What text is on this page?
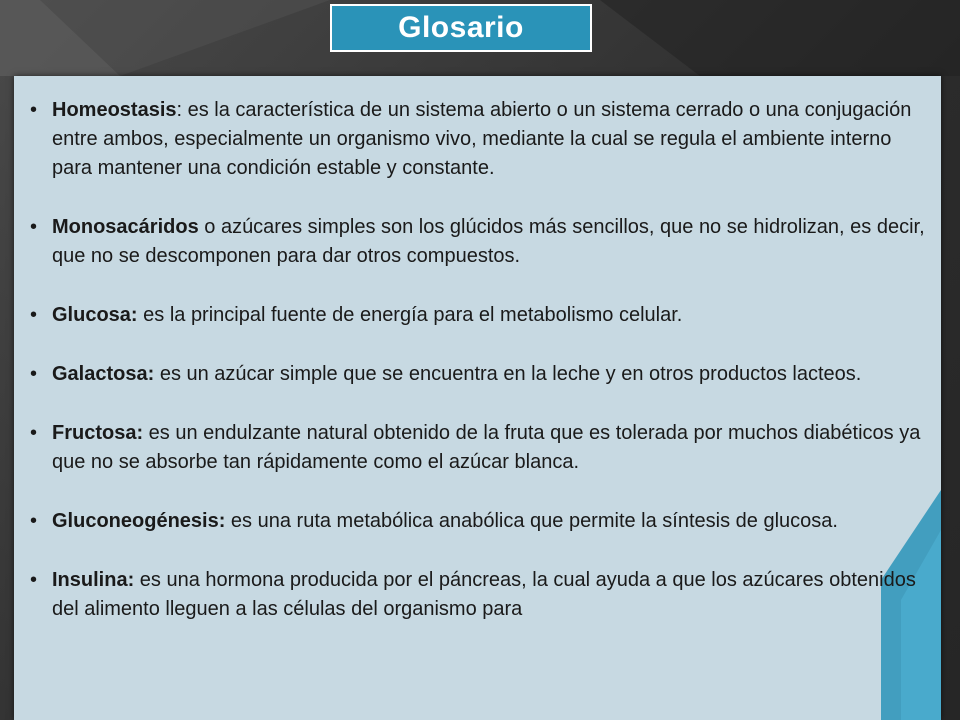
Glosario
• Homeostasis: es la característica de un sistema abierto o un sistema cerrado o una conjugación entre ambos, especialmente un organismo vivo, mediante la cual se regula el ambiente interno para mantener una condición estable y constante.
• Monosacáridos o azúcares simples son los glúcidos más sencillos, que no se hidrolizan, es decir, que no se descomponen para dar otros compuestos.
• Glucosa: es la principal fuente de energía para el metabolismo celular.
• Galactosa: es un azúcar simple que se encuentra en la leche y en otros productos lacteos.
• Fructosa: es un endulzante natural obtenido de la fruta que es tolerada por muchos diabéticos ya que no se absorbe tan rápidamente como el azúcar blanca.
• Gluconeogénesis: es una ruta metabólica anabólica que permite la síntesis de glucosa.
• Insulina: es una hormona producida por el páncreas, la cual ayuda a que los azúcares obtenidos del alimento lleguen a las células del organismo para
